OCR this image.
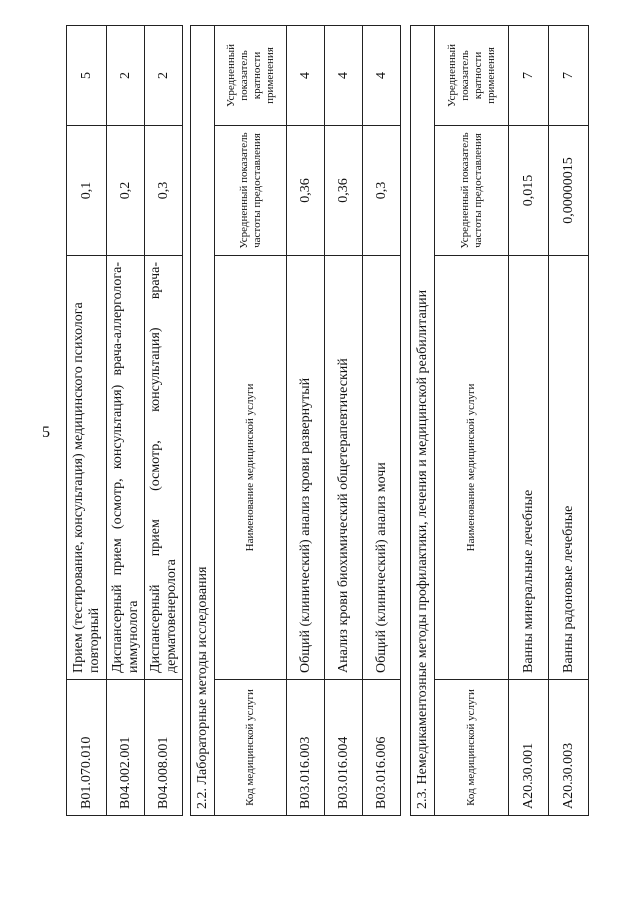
5
B01.070.010	Прием (тестирование, консультация) медицинского психолога повторный	0,1	5
B04.002.001	Диспансерный прием (осмотр, консультация) врача-аллерголога-иммунолога	0,2	2
B04.008.001	Диспансерный прием (осмотр, консультация) врача-дерматовенеролога	0,3	2
2.2. Лабораторные методы исследования			
Код медицинской услуги	Наименование медицинской услуги	Усредненный показатель частоты предоставления	Усредненный показатель кратности применения
B03.016.003	Общий (клинический) анализ крови развернутый	0,36	4
B03.016.004	Анализ крови биохимический общетерапевтический	0,36	4
B03.016.006	Общий (клинический) анализ мочи	0,3	4
2.3. Немедикаментозные методы профилактики, лечения и медицинской реабилитации			
Код медицинской услуги	Наименование медицинской услуги	Усредненный показатель частоты предоставления	Усредненный показатель кратности применения
A20.30.001	Ванны минеральные лечебные	0,015	7
A20.30.003	Ванны радоновые лечебные	0,00000015	7
